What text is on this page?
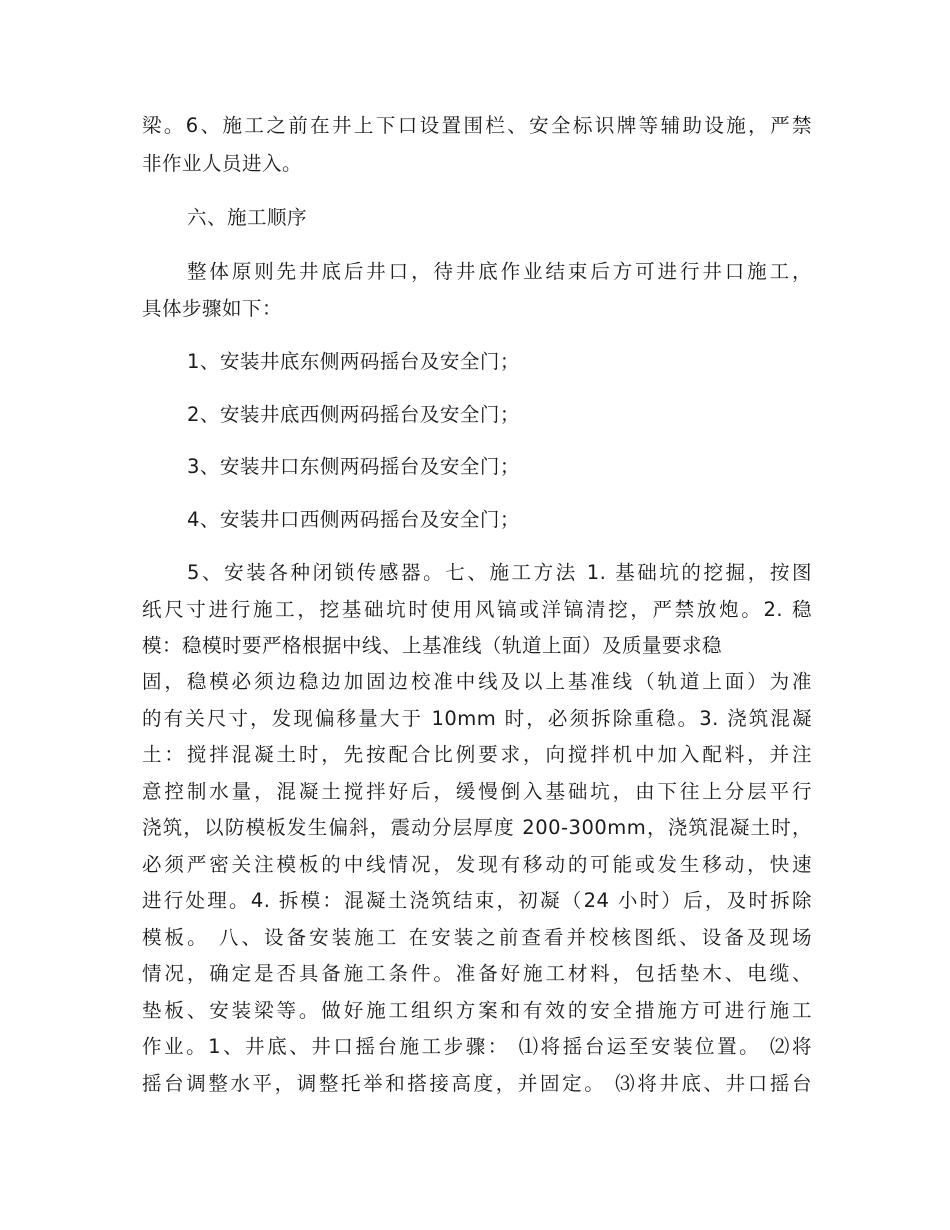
梁。6、施工之前在井上下口设置围栏、安全标识牌等辅助设施，严禁
非作业人员进入。
六、施工顺序
整体原则先井底后井口，待井底作业结束后方可进行井口施工，
具体步骤如下：
1、安装井底东侧两码摇台及安全门；
2、安装井底西侧两码摇台及安全门；
3、安装井口东侧两码摇台及安全门；
4、安装井口西侧两码摇台及安全门；
5、安装各种闭锁传感器。七、施工方法 1. 基础坑的挖掘，按图
纸尺寸进行施工，挖基础坑时使用风镐或洋镐清挖，严禁放炮。2. 稳
模：稳模时要严格根据中线、上基准线（轨道上面）及质量要求稳
固，稳模必须边稳边加固边校准中线及以上基准线（轨道上面）为准
的有关尺寸，发现偏移量大于 10mm 时，必须拆除重稳。3. 浇筑混凝
土：搅拌混凝土时，先按配合比例要求，向搅拌机中加入配料，并注
意控制水量，混凝土搅拌好后，缓慢倒入基础坑，由下往上分层平行
浇筑，以防模板发生偏斜，震动分层厚度 200-300mm，浇筑混凝土时，
必须严密关注模板的中线情况，发现有移动的可能或发生移动，快速
进行处理。4. 拆模：混凝土浇筑结束，初凝（24 小时）后，及时拆除
模板。 八、设备安装施工 在安装之前查看并校核图纸、设备及现场
情况，确定是否具备施工条件。准备好施工材料，包括垫木、电缆、
垫板、安装梁等。做好施工组织方案和有效的安全措施方可进行施工
作业。1、井底、井口摇台施工步骤： ⑴将摇台运至安装位置。 ⑵将
摇台调整水平，调整托举和搭接高度，并固定。 ⑶将井底、井口摇台
